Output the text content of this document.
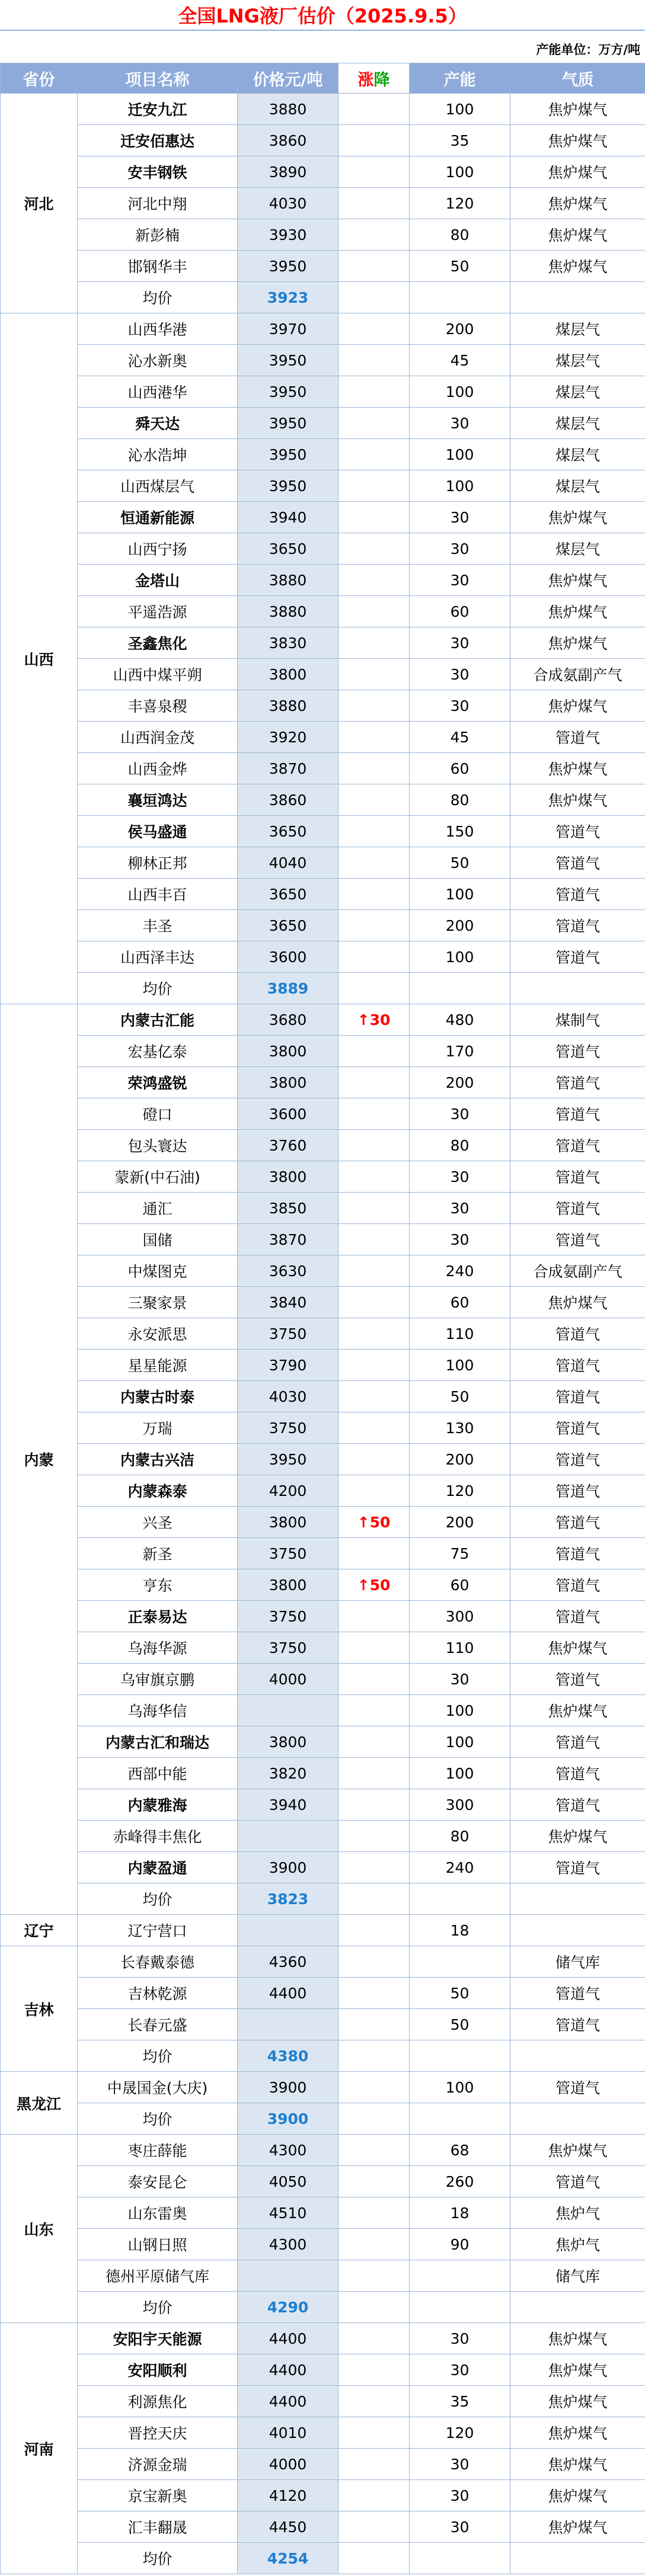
全国LNG液厂估价（2025.9.5）
产能单位：万方/吨
省份	项目名称	价格元/吨	涨降	产能	气质
河北	迁安九江	3880		100	焦炉煤气
	迁安佰惠达	3860		35	焦炉煤气
	安丰钢铁	3890		100	焦炉煤气
	河北中翔	4030		120	焦炉煤气
	新彭楠	3930		80	焦炉煤气
	邯钢华丰	3950		50	焦炉煤气
	均价	3923			
山西	山西华港	3970		200	煤层气
	沁水新奥	3950		45	煤层气
	山西港华	3950		100	煤层气
	舜天达	3950		30	煤层气
	沁水浩坤	3950		100	煤层气
	山西煤层气	3950		100	煤层气
	恒通新能源	3940		30	焦炉煤气
	山西宁扬	3650		30	煤层气
	金塔山	3880		30	焦炉煤气
	平遥浩源	3880		60	焦炉煤气
	圣鑫焦化	3830		30	焦炉煤气
	山西中煤平朔	3800		30	合成氨副产气
	丰喜泉稷	3880		30	焦炉煤气
	山西润金茂	3920		45	管道气
	山西金烨	3870		60	焦炉煤气
	襄垣鸿达	3860		80	焦炉煤气
	侯马盛通	3650		150	管道气
	柳林正邦	4040		50	管道气
	山西丰百	3650		100	管道气
	丰圣	3650		200	管道气
	山西泽丰达	3600		100	管道气
	均价	3889			
内蒙	内蒙古汇能	3680	↑30	480	煤制气
	宏基亿泰	3800		170	管道气
	荣鸿盛锐	3800		200	管道气
	磴口	3600		30	管道气
	包头寰达	3760		80	管道气
	蒙新(中石油)	3800		30	管道气
	通汇	3850		30	管道气
	国储	3870		30	管道气
	中煤图克	3630		240	合成氨副产气
	三聚家景	3840		60	焦炉煤气
	永安派思	3750		110	管道气
	星星能源	3790		100	管道气
	内蒙古时泰	4030		50	管道气
	万瑞	3750		130	管道气
	内蒙古兴洁	3950		200	管道气
	内蒙森泰	4200		120	管道气
	兴圣	3800	↑50	200	管道气
	新圣	3750		75	管道气
	亨东	3800	↑50	60	管道气
	正泰易达	3750		300	管道气
	乌海华源	3750		110	焦炉煤气
	乌审旗京鹏	4000		30	管道气
	乌海华信			100	焦炉煤气
	内蒙古汇和瑞达	3800		100	管道气
	西部中能	3820		100	管道气
	内蒙雅海	3940		300	管道气
	赤峰得丰焦化			80	焦炉煤气
	内蒙盈通	3900		240	管道气
	均价	3823			
辽宁	辽宁营口			18	
吉林	长春戴泰德	4360			储气库
	吉林乾源	4400		50	管道气
	长春元盛			50	管道气
	均价	4380			
黑龙江	中晟国金(大庆)	3900		100	管道气
	均价	3900			
山东	枣庄薛能	4300		68	焦炉煤气
	泰安昆仑	4050		260	管道气
	山东雷奥	4510		18	焦炉气
	山钢日照	4300		90	焦炉气
	德州平原储气库				储气库
	均价	4290			
河南	安阳宇天能源	4400		30	焦炉煤气
	安阳顺利	4400		30	焦炉煤气
	利源焦化	4400		35	焦炉煤气
	晋控天庆	4010		120	焦炉煤气
	济源金瑞	4000		30	焦炉煤气
	京宝新奥	4120		30	焦炉煤气
	汇丰翻晟	4450		30	焦炉煤气
	均价	4254			
